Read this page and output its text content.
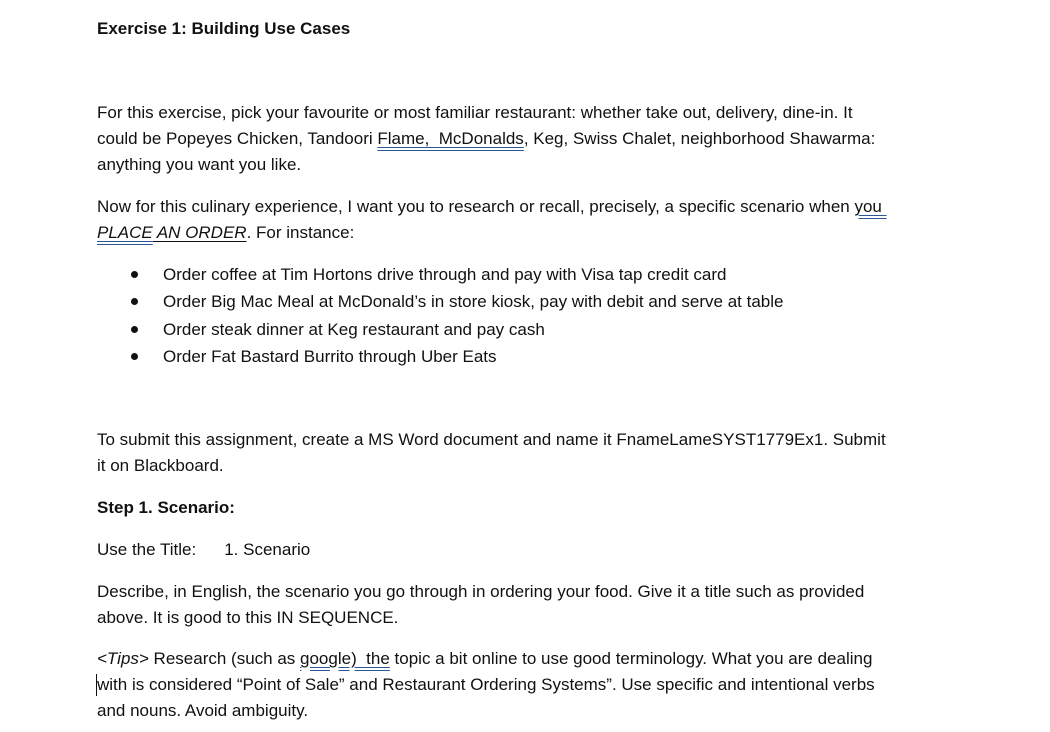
Exercise 1: Building Use Cases
For this exercise, pick your favourite or most familiar restaurant: whether take out, delivery, dine-in. It
could be Popeyes Chicken, Tandoori Flame,  McDonalds, Keg, Swiss Chalet, neighborhood Shawarma:
anything you want you like.
Now for this culinary experience, I want you to research or recall, precisely, a specific scenario when you
PLACE AN ORDER. For instance:

Order coffee at Tim Hortons drive through and pay with Visa tap credit card

Order Big Mac Meal at McDonald’s in store kiosk, pay with debit and serve at table

Order steak dinner at Keg restaurant and pay cash

Order Fat Bastard Burrito through Uber Eats

To submit this assignment, create a MS Word document and name it FnameLameSYST1779Ex1. Submit
it on Blackboard.
Step 1. Scenario:
Use the Title: 1. Scenario
Describe, in English, the scenario you go through in ordering your food. Give it a title such as provided
above. It is good to this IN SEQUENCE.
<Tips> Research (such as google)  the topic a bit online to use good terminology. What you are dealing
with is considered “Point of Sale” and Restaurant Ordering Systems”. Use specific and intentional verbs
and nouns. Avoid ambiguity.
